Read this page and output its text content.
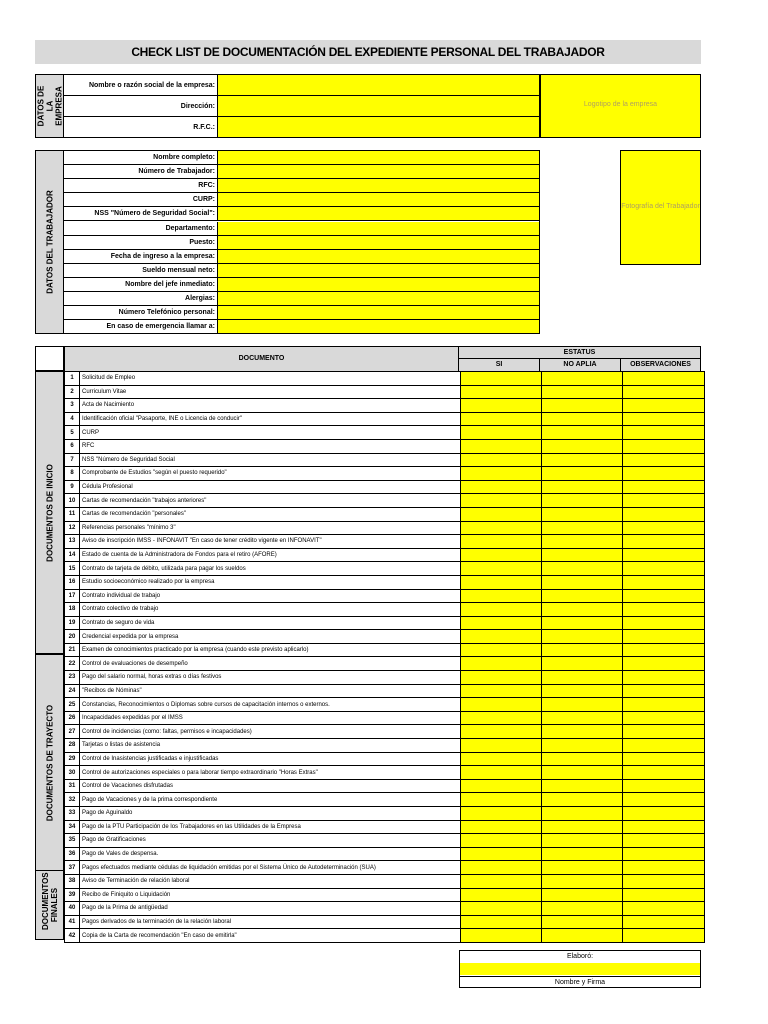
CHECK LIST DE DOCUMENTACIÓN DEL EXPEDIENTE PERSONAL DEL TRABAJADOR
DATOS DE LA EMPRESA
Nombre o razón social de la empresa:
Dirección:
R.F.C.:
Logotipo de la empresa
DATOS DEL TRABAJADOR
Nombre completo:
Número de Trabajador:
RFC:
CURP:
NSS "Número de Seguridad Social":
Departamento:
Puesto:
Fecha de ingreso a la empresa:
Sueldo mensual neto:
Nombre del jefe inmediato:
Alergias:
Número Telefónico personal:
En caso de emergencia llamar a:
Fotografía del Trabajador
DOCUMENTO
ESTATUS
SI	NO APLIA	OBSERVACIONES
DOCUMENTOS DE INICIO
DOCUMENTOS DE TRAYECTO
DOCUMENTOS FINALES
1	Solicitud de Empleo			
2	Curriculum Vitae			
3	Acta de Nacimiento			
4	Identificación oficial "Pasaporte, INE o Licencia de conducir"			
5	CURP			
6	RFC			
7	NSS "Número de Seguridad Social			
8	Comprobante de Estudios "según el puesto requerido"			
9	Cédula Profesional			
10	Cartas de recomendación "trabajos anteriores"			
11	Cartas de recomendación "personales"			
12	Referencias personales "mínimo 3"			
13	Aviso de inscripción IMSS - INFONAVIT "En caso de tener crédito vigente en INFONAVIT"			
14	Estado de cuenta de la Administradora de Fondos para el retiro (AFORE)			
15	Contrato de tarjeta de débito, utilizada para pagar los sueldos			
16	Estudio socioeconómico realizado por la empresa			
17	Contrato individual de trabajo			
18	Contrato colectivo de trabajo			
19	Contrato de seguro de vida			
20	Credencial expedida por la empresa			
21	Examen de conocimientos practicado por la empresa (cuando este previsto aplicarlo)			
22	Control de evaluaciones de desempeño			
23	Pago del salario normal, horas extras o días festivos			
24	"Recibos de Nóminas"			
25	Constancias, Reconocimientos o Diplomas sobre cursos de capacitación internos o externos.			
26	Incapacidades expedidas por el IMSS			
27	Control de incidencias (como: faltas, permisos e incapacidades)			
28	Tarjetas o listas de asistencia			
29	Control de Inasistencias justificadas e injustificadas			
30	Control de autorizaciones especiales o para laborar tiempo extraordinario "Horas Extras"			
31	Control de Vacaciones disfrutadas			
32	Pago de Vacaciones y de la prima correspondiente			
33	Pago de Aguinaldo			
34	Pago de la PTU Participación de los Trabajadores en las Utilidades de la Empresa			
35	Pago de Gratificaciones			
36	Pago de Vales de despensa.			
37	Pagos efectuados mediante cédulas de liquidación emitidas por el Sistema Único de Autodeterminación (SUA)			
38	Aviso de Terminación de relación laboral			
39	Recibo de Finiquito o Liquidación			
40	Pago de la Prima de antigüedad			
41	Pagos derivados de la terminación de la relación laboral			
42	Copia de la Carta de recomendación "En caso de emitirla"			
Elaboró:
Nombre y Firma
